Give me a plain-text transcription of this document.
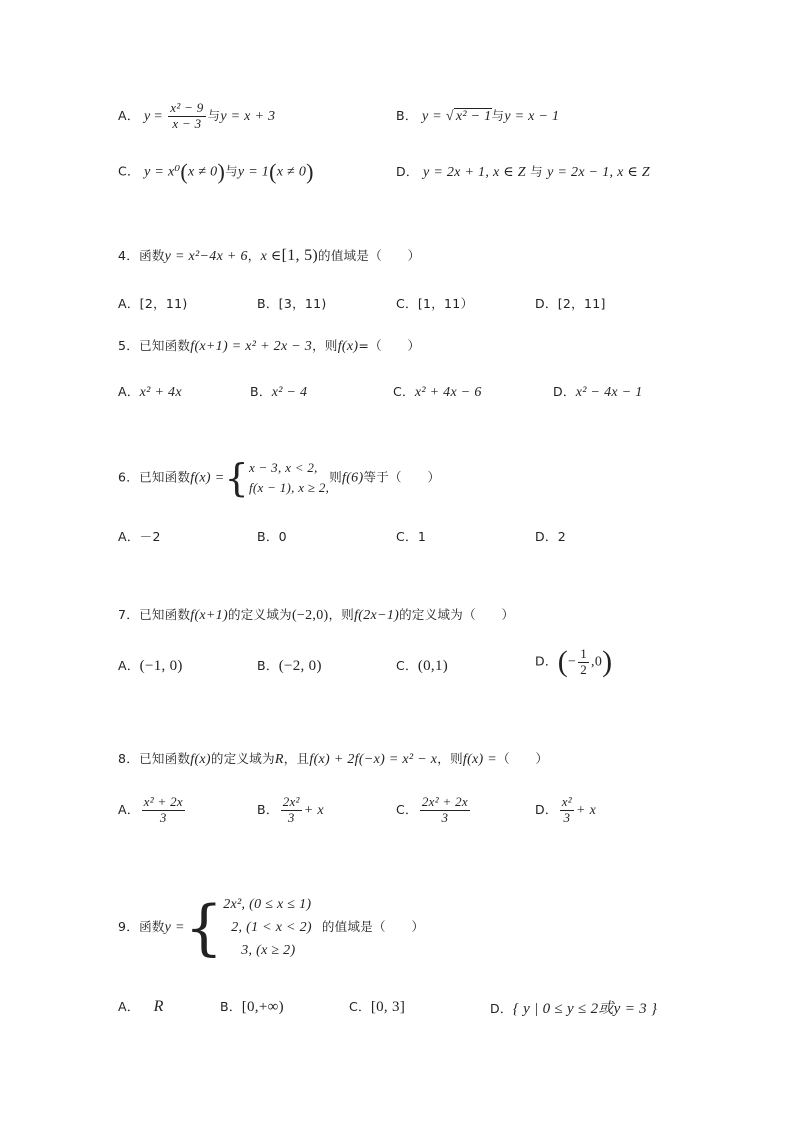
A． $y = \frac{\text{x² − 9}}{x - 3}$ 与y = x + 3	B． y = √ x² − 1与y = x − 1
C． y = x⁰(x ≠ 0)与y = 1(x ≠ 0)	D． y = 2x + 1, x ∈ Z 与 y = 2x − 1, x ∈ Z
4．函数y = x²−4x + 6，x ∈[1, 5)的值域是（　　）
A．[2，11)	B．[3，11)	C．[1，11）	D．[2，11]
5．已知函数f(x+1) = x² + 2x − 3，则f(x)=（　　）
A．x² + 4x	B．x² − 4	C．x² + 4x − 6	D．x² − 4x − 1
6．已知函数f(x) ={ x − 3, x < 2,
f(x − 1), x ≥ 2,
则f(6)等于（　　）
A．－2	B．0	C．1	D．2
7．已知函数f(x+1)的定义域为(−2,0)，则f(2x−1)的定义域为（　　）
A．(−1, 0)	B．(−2, 0)	C．(0,1)	D．(− $\frac{1}{2} ,0$)
8．已知函数f(x)的定义域为R，且f(x) + 2f(−x) = x² − x，则f(x) =（　　）
A． $\frac{\text{x² + 2x}}{3}$	B． $\frac{\text{2x²}}{3} + x$	C． $\frac{\text{2x² + 2x}}{3}$	D． $\frac{\text{x²}}{3} + x$
9．函数y ={ 2x², (0 ≤ x ≤ 1)
2, (1 < x < 2)
3, (x ≥ 2)
的值域是（　　）
A． R	B．[0,+∞)	C．[0, 3]	D．{ y | 0 ≤ y ≤ 2或y = 3 }
